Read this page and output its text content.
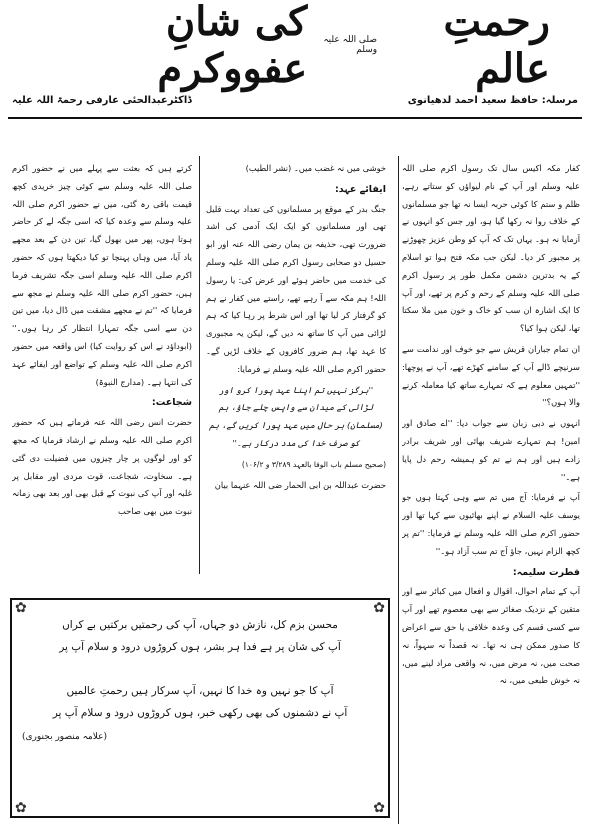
رحمتِ عالم
صلی اللہ علیہ وسلم
کی شانِ عفووکرم
مرسلہ: حافظ سعید احمد لدھیانوی
ڈاکٹرعبدالحئی عارفی رحمۃ اللہ علیہ

کفار مکہ اکیس سال تک رسول اکرم صلی اللہ علیہ وسلم اور آپ کے نام لیواؤں کو ستاتے رہے، ظلم و ستم کا کوئی حربہ ایسا نہ تھا جو مسلمانوں کے خلاف روا نہ رکھا گیا ہو، اور جس کو انہوں نے آزمایا نہ ہو۔ یہاں تک کہ آپ کو وطن عزیز چھوڑنے پر مجبور کر دیا۔ لیکن جب مکہ فتح ہوا تو اسلام کے یہ بدترین دشمن مکمل طور پر رسول اکرم صلی اللہ علیہ وسلم کے رحم و کرم پر تھے، اور آپ کا ایک اشارہ ان سب کو خاک و خون میں ملا سکتا تھا، لیکن ہوا کیا؟

ان تمام جباران قریش سے جو خوف اور ندامت سے سرنیچے ڈالے آپ کے سامنے کھڑے تھے، آپ نے پوچھا: ''تمہیں معلوم ہے کہ تمہارے ساتھ کیا معاملہ کرنے والا ہوں؟''

انہوں نے دبی زبان سے جواب دیا: ''اے صادق اور امین! ہم تمہارے شریف بھائی اور شریف برادر زادے ہیں اور ہم نے تم کو ہمیشہ رحم دل پایا ہے۔''

آپ نے فرمایا: آج میں تم سے وہی کہتا ہوں جو یوسف علیہ السلام نے اپنے بھائیوں سے کہا تھا اور حضور اکرم صلی اللہ علیہ وسلم نے فرمایا: ''تم پر کچھ الزام نہیں، جاؤ آج تم سب آزاد ہو۔''

فطرت سلیمہ:

آپ کے تمام احوال، اقوال و افعال میں کبائر سے اور متقین کے نزدیک صغائر سے بھی معصوم تھے اور آپ سے کسی قسم کی وعدہ خلافی یا حق سے اعراض کا صدور ممکن ہی نہ تھا۔ نہ قصداً نہ سہواً، نہ صحت میں، نہ مرض میں، نہ واقعی مراد لینے میں، نہ خوش طبعی میں، نہ

خوشی میں نہ غضب میں۔ (نشر الطیب)

ایفائے عہد:

جنگ بدر کے موقع پر مسلمانوں کی تعداد بہت قلیل تھی اور مسلمانوں کو ایک ایک آدمی کی اشد ضرورت تھی، حذیفہ بن یمان رضی اللہ عنہ اور ابو حسیل دو صحابی رسول اکرم صلی اللہ علیہ وسلم کی خدمت میں حاضر ہوئے اور عرض کی: یا رسول اللہ! ہم مکہ سے آ رہے تھے، راستے میں کفار نے ہم کو گرفتار کر لیا تھا اور اس شرط پر رہا کیا کہ ہم لڑائی میں آپ کا ساتھ نہ دیں گے، لیکن یہ مجبوری کا عہد تھا، ہم ضرور کافروں کے خلاف لڑیں گے۔ حضور اکرم صلی اللہ علیہ وسلم نے فرمایا:

''ہرگز نہیں تم اپنا عہد پورا کرو اور لڑائی کے میدان سے واپس چلے جاؤ، ہم (مسلمان) ہر حال میں عہد پورا کریں گے، ہم کو صرف خدا کی مدد درکار ہے۔''

(صحیح مسلم باب الوفا بالعہد ۳/۲۸۹ و ۱۰۶/۲)

حضرت عبداللہ بن ابی الحمار ضی اللہ عنہما بیان

کرتے ہیں کہ بعثت سے پہلے میں نے حضور اکرم صلی اللہ علیہ وسلم سے کوئی چیز خریدی کچھ قیمت باقی رہ گئی، میں نے حضور اکرم صلی اللہ علیہ وسلم سے وعدہ کیا کہ اسی جگہ لے کر حاضر ہوتا ہوں، پھر میں بھول گیا، تین دن کے بعد مجھے یاد آیا، میں وہاں پہنچا تو کیا دیکھتا ہوں کہ حضور اکرم صلی اللہ علیہ وسلم اسی جگہ تشریف فرما ہیں، حضور اکرم صلی اللہ علیہ وسلم نے مجھ سے فرمایا کہ ''تم نے مجھے مشقت میں ڈال دیا، میں تین دن سے اسی جگہ تمہارا انتظار کر رہا ہوں۔'' (ابوداؤد نے اس کو روایت کیا) اس واقعہ میں حضور اکرم صلی اللہ علیہ وسلم کے تواضع اور ایفائے عہد کی انتہا ہے۔ (مدارج النبوۃ)

شجاعت:

حضرت انس رضی اللہ عنہ فرماتے ہیں کہ حضور اکرم صلی اللہ علیہ وسلم نے ارشاد فرمایا کہ مجھ کو اور لوگوں پر چار چیزوں میں فضیلت دی گئی ہے۔ سخاوت، شجاعت، قوت مردی اور مقابل پر غلبہ اور آپ کی نبوت کے قبل بھی اور بعد بھی زمانہ نبوت میں بھی صاحب

✿	✿
✿	✿
محسن بزم کل، نازش دو جہاں، آپ کی رحمتیں برکتیں بے کراں
آپ کی شان پر ہے فدا ہر بشر، ہوں کروڑوں درود و سلام آپ پر
آپ کا جو نہیں وہ خدا کا نہیں، آپ سرکار ہیں رحمتِ عالمیں
آپ نے دشمنوں کی بھی رکھی خبر، ہوں کروڑوں درود و سلام آپ پر
(علامہ منصور بجنوری)
